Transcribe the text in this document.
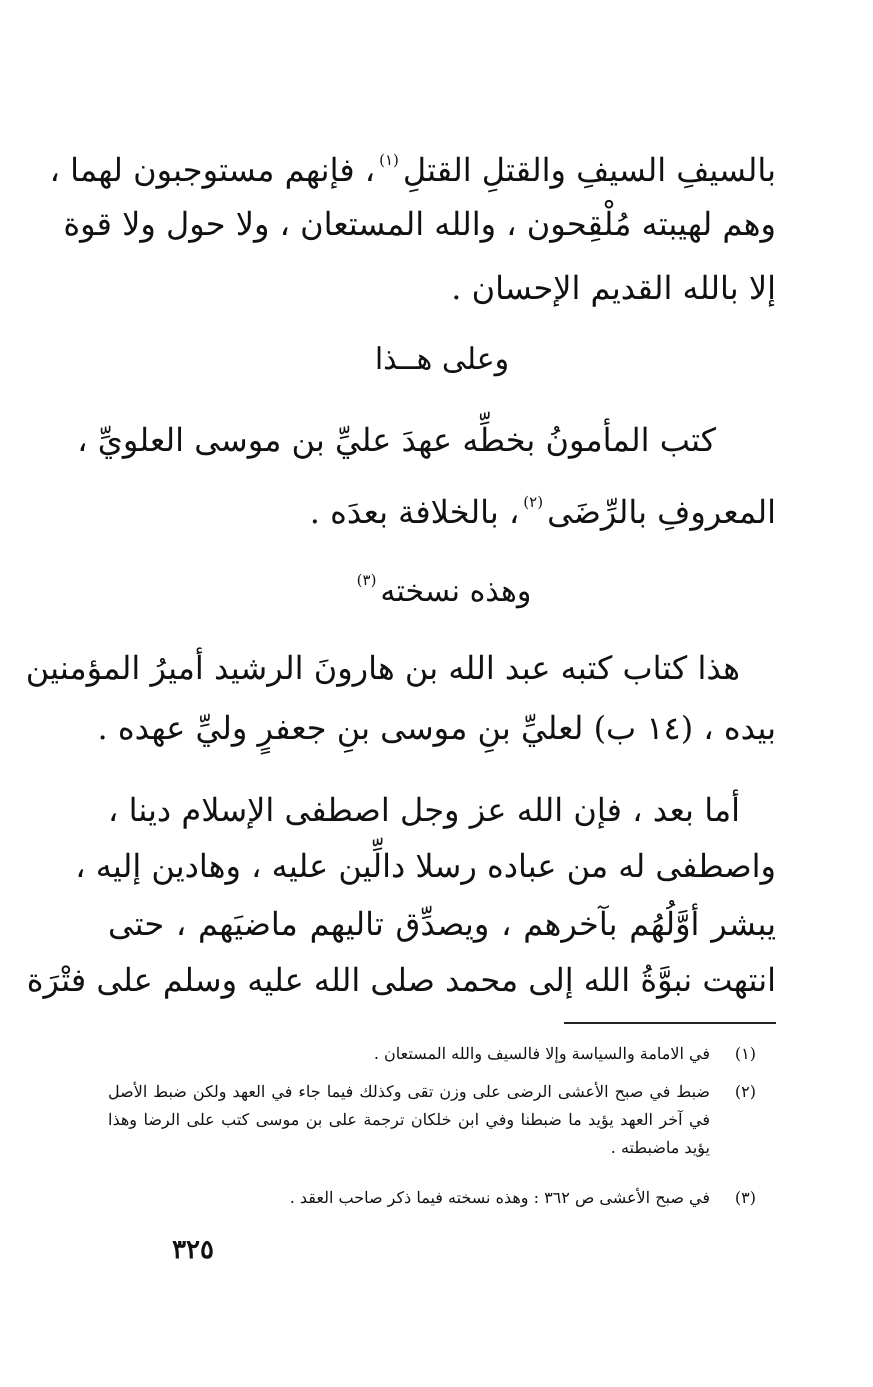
بالسيفِ السيفِ والقتلِ القتلِ$^{(١)}$، فإنهم مستوجبون لهما ،
وهم لهيبته مُلْقِحون ، والله المستعان ، ولا حول ولا قوة
إلا بالله القديم الإحسان .
وعلى هــذا
كتب المأمونُ بخطِّه عهدَ عليِّ بن موسى العلويِّ ،
المعروفِ بالرِّضَى$^{(٢)}$، بالخلافة بعدَه .
وهذه نسخته$^{(٣)}$
هذا كتاب كتبه عبد الله بن هارونَ الرشيد أميرُ المؤمنين
بيده ، (١٤ ب) لعليِّ بنِ موسى بنِ جعفرٍ وليِّ عهده .
أما بعد ، فإن الله عز وجل اصطفى الإسلام دينا ،
واصطفى له من عباده رسلا دالِّين عليه ، وهادين إليه ،
يبشر أوَّلُهُم بآخرهم ، ويصدِّق تاليهم ماضيَهم ، حتى
انتهت نبوَّةُ الله إلى محمد صلى الله عليه وسلم على فتْرَة
(١)
في الامامة والسياسة وإلا فالسيف والله المستعان .
(٢)
ضبط في صبح الأعشى الرضى على وزن تقى وكذلك فيما جاء في العهد ولكن ضبط الأصل
في آخر العهد يؤيد ما ضبطنا وفي ابن خلكان ترجمة على بن موسى كتب على الرضا وهذا
يؤيد ماضبطته .
(٣)
في صبح الأعشى ص ٣٦٢ : وهذه نسخته فيما ذكر صاحب العقد .
٣٢٥
